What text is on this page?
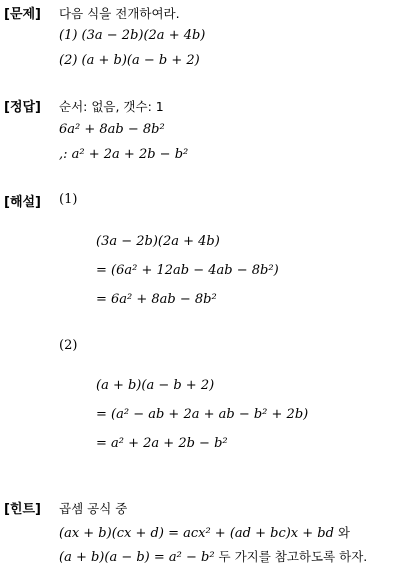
[문제] 다음 식을 전개하여라.
(1) (3a − 2b)(2a + 4b)
(2) (a + b)(a − b + 2)
[정답] 순서: 없음, 갯수: 1
6a² + 8ab − 8b²
,: a² + 2a + 2b − b²
[해설] (1)
(3a − 2b)(2a + 4b)
= (6a² + 12ab − 4ab − 8b²)
= 6a² + 8ab − 8b²
(2)
(a + b)(a − b + 2)
= (a² − ab + 2a + ab − b² + 2b)
= a² + 2a + 2b − b²
[힌트] 곱셈 공식 중
(ax + b)(cx + d) = acx² + (ad + bc)x + bd 와
(a + b)(a − b) = a² − b² 두 가지를 참고하도록 하자.
